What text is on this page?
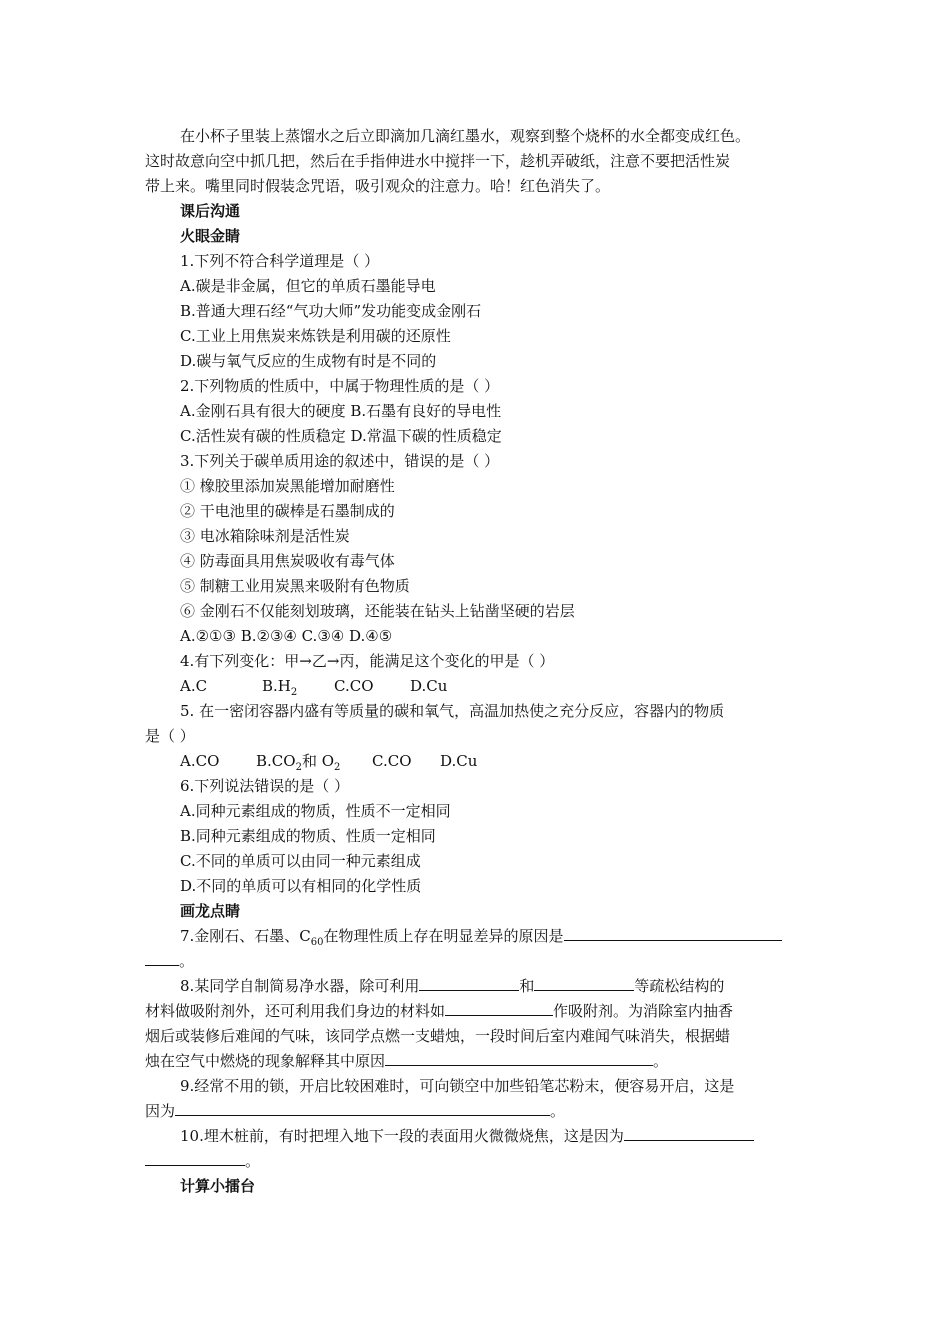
在小杯子里装上蒸馏水之后立即滴加几滴红墨水，观察到整个烧杯的水全都变成红色。
这时故意向空中抓几把，然后在手指伸进水中搅拌一下，趁机弄破纸，注意不要把活性炭
带上来。嘴里同时假装念咒语，吸引观众的注意力。哈！红色消失了。
课后沟通
火眼金睛
1.下列不符合科学道理是（ ）
A.碳是非金属，但它的单质石墨能导电
B.普通大理石经“气功大师”发功能变成金刚石
C.工业上用焦炭来炼铁是利用碳的还原性
D.碳与氧气反应的生成物有时是不同的
2.下列物质的性质中，中属于物理性质的是（ ）
A.金刚石具有很大的硬度 B.石墨有良好的导电性
C.活性炭有碳的性质稳定 D.常温下碳的性质稳定
3.下列关于碳单质用途的叙述中，错误的是（ ）
① 橡胶里添加炭黑能增加耐磨性
② 干电池里的碳棒是石墨制成的
③ 电冰箱除味剂是活性炭
④ 防毒面具用焦炭吸收有毒气体
⑤ 制糖工业用炭黑来吸附有色物质
⑥ 金刚石不仅能刻划玻璃，还能装在钻头上钻凿坚硬的岩层
A.②①③ B.②③④ C.③④ D.④⑤
4.有下列变化：甲→乙→丙，能满足这个变化的甲是（ ）
A.C	$B.H_2$ C.CO D.Cu
5. 在一密闭容器内盛有等质量的碳和氧气，高温加热使之充分反应，容器内的物质
是（ ）
A.CO $B.CO_2$和 $O_2$ C.CO D.Cu
6.下列说法错误的是（ ）
A.同种元素组成的物质，性质不一定相同
B.同种元素组成的物质、性质一定相同
C.不同的单质可以由同一种元素组成
D.不同的单质可以有相同的化学性质
画龙点睛
7.金刚石、石墨、$C_{60}$在物理性质上存在明显差异的原因是
。
8.某同学自制简易净水器，除可利用	和	等疏松结构的
材料做吸附剂外，还可利用我们身边的材料如	作吸附剂。为消除室内抽香
烟后或装修后难闻的气味，该同学点燃一支蜡烛，一段时间后室内难闻气味消失，根据蜡
烛在空气中燃烧的现象解释其中原因	。
9.经常不用的锁，开启比较困难时，可向锁空中加些铅笔芯粉末，便容易开启，这是
因为	。
10.埋木桩前，有时把埋入地下一段的表面用火微微烧焦，这是因为
。
计算小擂台
